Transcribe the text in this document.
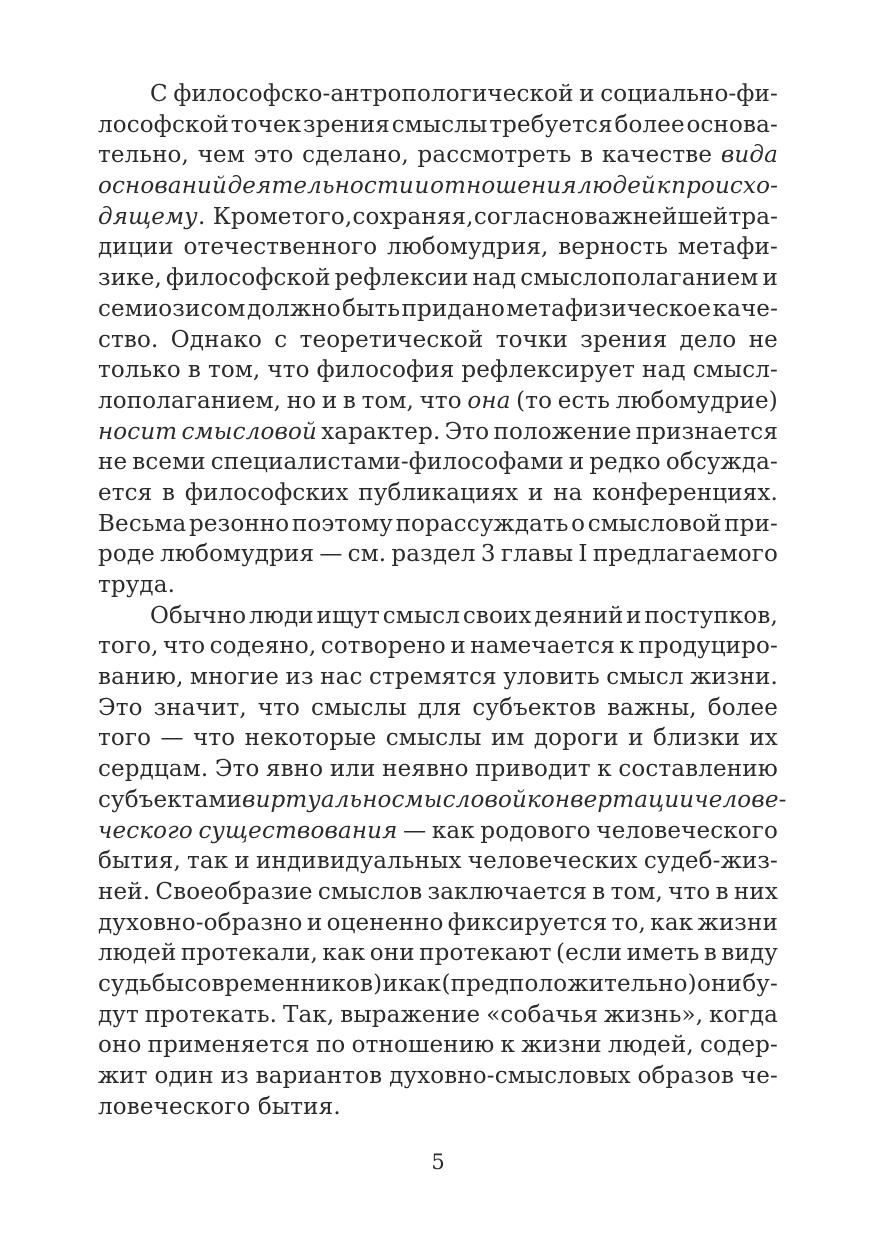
С философско-антропологической и социально-фи-
лософской точек зрения смыслы требуется более основа-
тельно, чем это сделано, рассмотреть в качестве вида
оснований деятельности и отношения людей к происхо-
дящему . Кроме того, сохраняя, согласно важнейшей тра-
диции отечественного любомудрия, верность метафи-
зике, философской рефлексии над смыслополаганием и
семиозисом должно быть придано метафизическое каче-
ство. Однако с теоретической точки зрения дело не
только в том, что философия рефлексирует над смысл-
лополаганием, но и в том, что она (то есть любомудрие)
носит смысловой характер. Это положение признается
не всеми специалистами-философами и редко обсужда-
ется в философских публикациях и на конференциях.
Весьма резонно поэтому порассуждать о смысловой при-
роде любомудрия — см. раздел 3 главы I предлагаемого
труда.
Обычно люди ищут смысл своих деяний и поступков,
того, что содеяно, сотворено и намечается к продуциро-
ванию, многие из нас стремятся уловить смысл жизни.
Это значит, что смыслы для субъектов важны, более
того — что некоторые смыслы им дороги и близки их
сердцам. Это явно или неявно приводит к составлению
субъектами виртуальносмысловой конвертации челове-
ческого существования — как родового человеческого
бытия, так и индивидуальных человеческих судеб-жиз-
ней. Своеобразие смыслов заключается в том, что в них
духовно-образно и оцененно фиксируется то, как жизни
людей протекали, как они протекают (если иметь в виду
судьбы современников) и как (предположительно) они бу-
дут протекать. Так, выражение «собачья жизнь», когда
оно применяется по отношению к жизни людей, содер-
жит один из вариантов духовно-смысловых образов че-
ловеческого бытия.
5
